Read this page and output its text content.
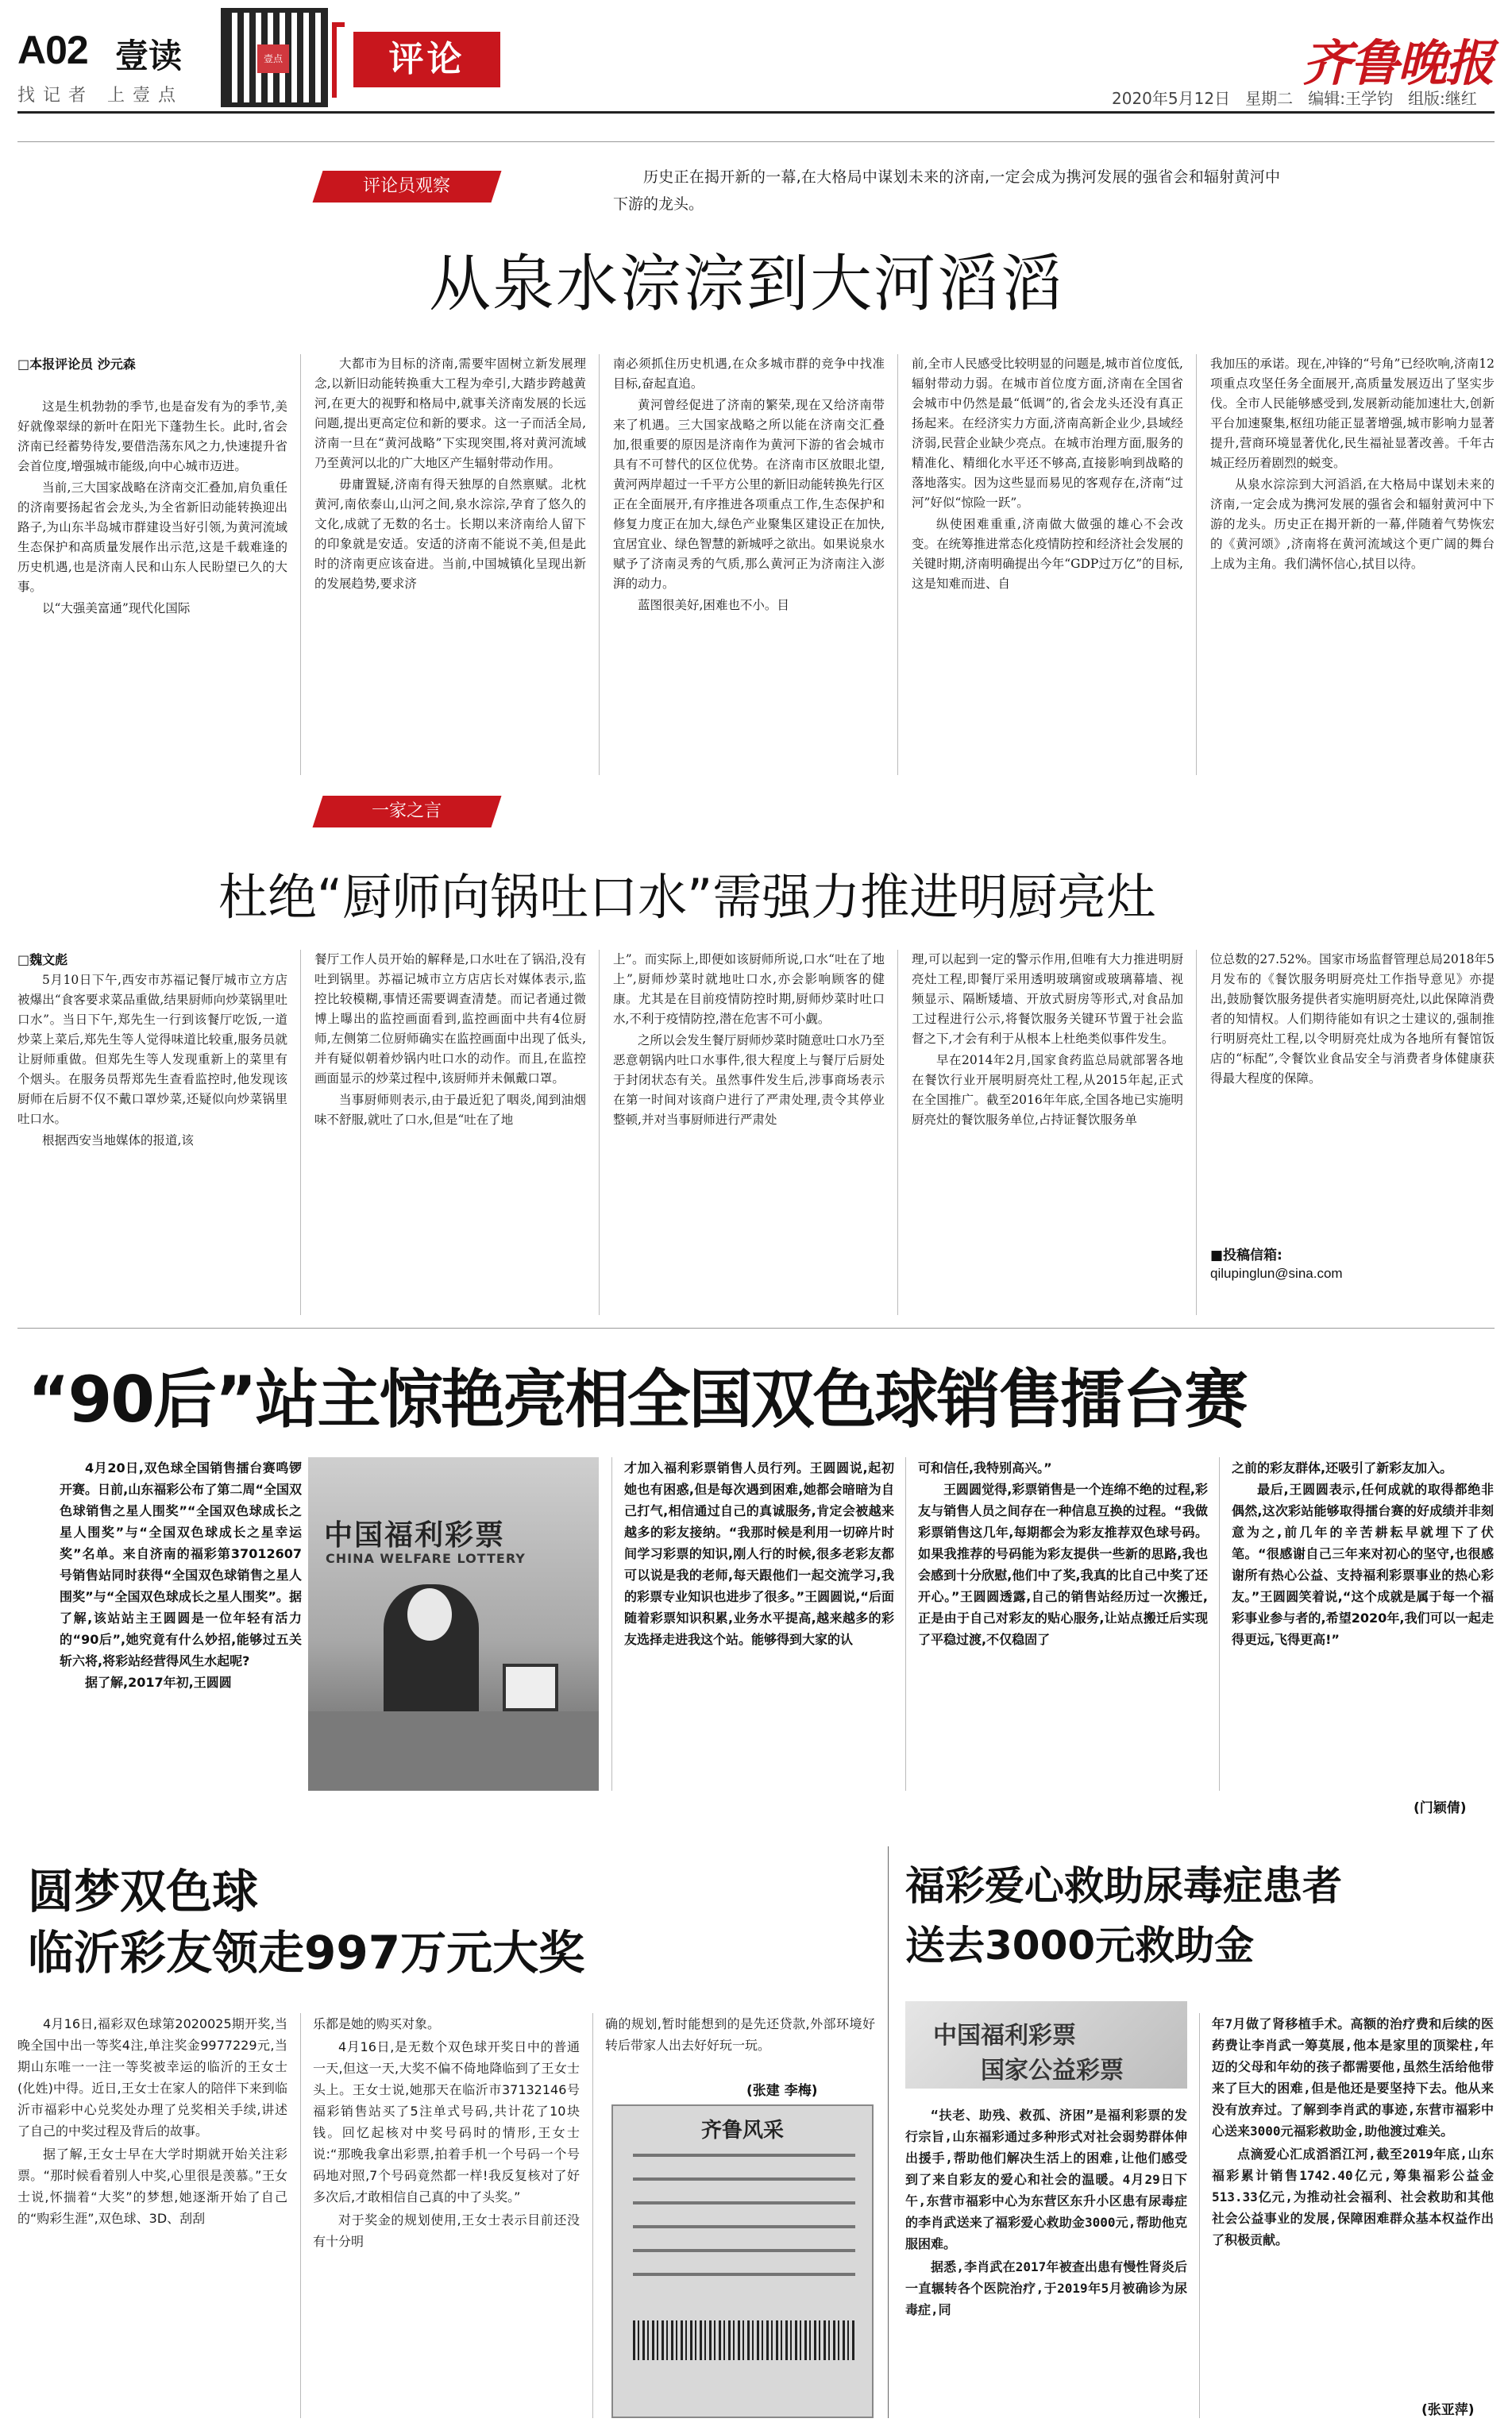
A02 壹读
找记者 上壹点
壹点	评论	齐鲁晚报
2020年5月12日 星期二 编辑:王学钧 组版:继红
评论员观察	历史正在揭开新的一幕,在大格局中谋划未来的济南,一定会成为携河发展的强省会和辐射黄河中下游的龙头。
从泉水淙淙到大河滔滔
□本报评论员 沙元森

这是生机勃勃的季节,也是奋发有为的季节,美好就像翠绿的新叶在阳光下蓬勃生长。此时,省会济南已经蓄势待发,要借浩荡东风之力,快速提升省会首位度,增强城市能级,向中心城市迈进。

当前,三大国家战略在济南交汇叠加,肩负重任的济南要扬起省会龙头,为全省新旧动能转换迎出路子,为山东半岛城市群建设当好引领,为黄河流域生态保护和高质量发展作出示范,这是千载难逢的历史机遇,也是济南人民和山东人民盼望已久的大事。

以“大强美富通”现代化国际

大都市为目标的济南,需要牢固树立新发展理念,以新旧动能转换重大工程为牵引,大踏步跨越黄河,在更大的视野和格局中,就事关济南发展的长远问题,提出更高定位和新的要求。这一子而活全局,济南一旦在“黄河战略”下实现突围,将对黄河流域乃至黄河以北的广大地区产生辐射带动作用。

毋庸置疑,济南有得天独厚的自然禀赋。北枕黄河,南依泰山,山河之间,泉水淙淙,孕育了悠久的文化,成就了无数的名士。长期以来济南给人留下的印象就是安适。安适的济南不能说不美,但是此时的济南更应该奋进。当前,中国城镇化呈现出新的发展趋势,要求济

南必须抓住历史机遇,在众多城市群的竞争中找准目标,奋起直追。

黄河曾经促进了济南的繁荣,现在又给济南带来了机遇。三大国家战略之所以能在济南交汇叠加,很重要的原因是济南作为黄河下游的省会城市具有不可替代的区位优势。在济南市区放眼北望,黄河两岸超过一千平方公里的新旧动能转换先行区正在全面展开,有序推进各项重点工作,生态保护和修复力度正在加大,绿色产业聚集区建设正在加快,宜居宜业、绿色智慧的新城呼之欲出。如果说泉水赋予了济南灵秀的气质,那么黄河正为济南注入澎湃的动力。

蓝图很美好,困难也不小。目

前,全市人民感受比较明显的问题是,城市首位度低,辐射带动力弱。在城市首位度方面,济南在全国省会城市中仍然是最“低调”的,省会龙头还没有真正扬起来。在经济实力方面,济南高新企业少,县域经济弱,民营企业缺少亮点。在城市治理方面,服务的精准化、精细化水平还不够高,直接影响到战略的落地落实。因为这些显而易见的客观存在,济南“过河”好似“惊险一跃”。

纵使困难重重,济南做大做强的雄心不会改变。在统筹推进常态化疫情防控和经济社会发展的关键时期,济南明确提出今年“GDP过万亿”的目标,这是知难而进、自

我加压的承诺。现在,冲锋的“号角”已经吹响,济南12项重点攻坚任务全面展开,高质量发展迈出了坚实步伐。全市人民能够感受到,发展新动能加速壮大,创新平台加速聚集,枢纽功能正显著增强,城市影响力显著提升,营商环境显著优化,民生福祉显著改善。千年古城正经历着剧烈的蜕变。

从泉水淙淙到大河滔滔,在大格局中谋划未来的济南,一定会成为携河发展的强省会和辐射黄河中下游的龙头。历史正在揭开新的一幕,伴随着气势恢宏的《黄河颂》,济南将在黄河流域这个更广阔的舞台上成为主角。我们满怀信心,拭目以待。

一家之言
杜绝“厨师向锅吐口水”需强力推进明厨亮灶
□魏文彪

5月10日下午,西安市苏福记餐厅城市立方店被爆出“食客要求菜品重做,结果厨师向炒菜锅里吐口水”。当日下午,郑先生一行到该餐厅吃饭,一道炒菜上菜后,郑先生等人觉得味道比较重,服务员就让厨师重做。但郑先生等人发现重新上的菜里有个烟头。在服务员帮郑先生查看监控时,他发现该厨师在后厨不仅不戴口罩炒菜,还疑似向炒菜锅里吐口水。

根据西安当地媒体的报道,该

餐厅工作人员开始的解释是,口水吐在了锅沿,没有吐到锅里。苏福记城市立方店店长对媒体表示,监控比较模糊,事情还需要调查清楚。而记者通过微博上曝出的监控画面看到,监控画面中共有4位厨师,左侧第二位厨师确实在监控画面中出现了低头,并有疑似朝着炒锅内吐口水的动作。而且,在监控画面显示的炒菜过程中,该厨师并未佩戴口罩。

当事厨师则表示,由于最近犯了咽炎,闻到油烟味不舒服,就吐了口水,但是“吐在了地

上”。而实际上,即便如该厨师所说,口水“吐在了地上”,厨师炒菜时就地吐口水,亦会影响顾客的健康。尤其是在目前疫情防控时期,厨师炒菜时吐口水,不利于疫情防控,潜在危害不可小觑。

之所以会发生餐厅厨师炒菜时随意吐口水乃至恶意朝锅内吐口水事件,很大程度上与餐厅后厨处于封闭状态有关。虽然事件发生后,涉事商场表示在第一时间对该商户进行了严肃处理,责令其停业整顿,并对当事厨师进行严肃处

理,可以起到一定的警示作用,但唯有大力推进明厨亮灶工程,即餐厅采用透明玻璃窗或玻璃幕墙、视频显示、隔断矮墙、开放式厨房等形式,对食品加工过程进行公示,将餐饮服务关键环节置于社会监督之下,才会有利于从根本上杜绝类似事件发生。

早在2014年2月,国家食药监总局就部署各地在餐饮行业开展明厨亮灶工程,从2015年起,正式在全国推广。截至2016年年底,全国各地已实施明厨亮灶的餐饮服务单位,占持证餐饮服务单

位总数的27.52%。国家市场监督管理总局2018年5月发布的《餐饮服务明厨亮灶工作指导意见》亦提出,鼓励餐饮服务提供者实施明厨亮灶,以此保障消费者的知情权。人们期待能如有识之士建议的,强制推行明厨亮灶工程,以令明厨亮灶成为各地所有餐馆饭店的“标配”,令餐饮业食品安全与消费者身体健康获得最大程度的保障。

■投稿信箱:
qilupinglun@sina.com
“90后”站主惊艳亮相全国双色球销售擂台赛

4月20日,双色球全国销售擂台赛鸣锣开赛。日前,山东福彩公布了第二周“全国双色球销售之星人围奖”“全国双色球成长之星人围奖”与“全国双色球成长之星幸运奖”名单。来自济南的福彩第37012607号销售站同时获得“全国双色球销售之星人围奖”与“全国双色球成长之星人围奖”。据了解,该站站主王圆圆是一位年轻有活力的“90后”,她究竟有什么妙招,能够过五关斩六将,将彩站经营得风生水起呢?

据了解,2017年初,王圆圆

中国福利彩票
CHINA WELFARE LOTTERY

才加入福利彩票销售人员行列。王圆圆说,起初她也有困惑,但是每次遇到困难,她都会暗暗为自己打气,相信通过自己的真诚服务,肯定会被越来越多的彩友接纳。“我那时候是利用一切碎片时间学习彩票的知识,刚人行的时候,很多老彩友都可以说是我的老师,每天跟他们一起交流学习,我的彩票专业知识也进步了很多。”王圆圆说,“后面随着彩票知识积累,业务水平提高,越来越多的彩友选择走进我这个站。能够得到大家的认

可和信任,我特别高兴。”

王圆圆觉得,彩票销售是一个连绵不绝的过程,彩友与销售人员之间存在一种信息互换的过程。“我做彩票销售这几年,每期都会为彩友推荐双色球号码。如果我推荐的号码能为彩友提供一些新的思路,我也会感到十分欣慰,他们中了奖,我真的比自己中奖了还开心。”王圆圆透露,自己的销售站经历过一次搬迁,正是由于自己对彩友的贴心服务,让站点搬迁后实现了平稳过渡,不仅稳固了

之前的彩友群体,还吸引了新彩友加入。

最后,王圆圆表示,任何成就的取得都绝非偶然,这次彩站能够取得擂台赛的好成绩并非刻意为之,前几年的辛苦耕耘早就埋下了伏笔。“很感谢自己三年来对初心的坚守,也很感谢所有热心公益、支持福利彩票事业的热心彩友。”王圆圆笑着说,“这个成就是属于每一个福彩事业参与者的,希望2020年,我们可以一起走得更远,飞得更高!”

(门颖倩)
圆梦双色球
临沂彩友领走997万元大奖

4月16日,福彩双色球第2020025期开奖,当晚全国中出一等奖4注,单注奖金9977229元,当期山东唯一一注一等奖被幸运的临沂的王女士(化姓)中得。近日,王女士在家人的陪伴下来到临沂市福彩中心兑奖处办理了兑奖相关手续,讲述了自己的中奖过程及背后的故事。

据了解,王女士早在大学时期就开始关注彩票。“那时候看着别人中奖,心里很是羡慕。”王女士说,怀揣着“大奖”的梦想,她逐渐开始了自己的“购彩生涯”,双色球、3D、刮刮

乐都是她的购买对象。

4月16日,是无数个双色球开奖日中的普通一天,但这一天,大奖不偏不倚地降临到了王女士头上。王女士说,她那天在临沂市37132146号福彩销售站买了5注单式号码,共计花了10块钱。回忆起核对中奖号码时的情形,王女士说:“那晚我拿出彩票,拍着手机一个号码一个号码地对照,7个号码竟然都一样!我反复核对了好多次后,才敢相信自己真的中了头奖。”

对于奖金的规划使用,王女士表示目前还没有十分明

确的规划,暂时能想到的是先还贷款,外部环境好转后带家人出去好好玩一玩。

(张建 李梅)
齐鲁风采
福彩爱心救助尿毒症患者
送去3000元救助金
中国福利彩票
国家公益彩票

“扶老、助残、救孤、济困”是福利彩票的发行宗旨,山东福彩通过多种形式对社会弱势群体伸出援手,帮助他们解决生活上的困难,让他们感受到了来自彩友的爱心和社会的温暖。4月29日下午,东营市福彩中心为东营区东升小区患有尿毒症的李肖武送来了福彩爱心救助金3000元,帮助他克服困难。

据悉,李肖武在2017年被查出患有慢性肾炎后一直辗转各个医院治疗,于2019年5月被确诊为尿毒症,同

年7月做了肾移植手术。高额的治疗费和后续的医药费让李肖武一筹莫展,他本是家里的顶梁柱,年迈的父母和年幼的孩子都需要他,虽然生活给他带来了巨大的困难,但是他还是要坚持下去。他从来没有放弃过。了解到李肖武的事迹,东营市福彩中心送来3000元福彩救助金,助他渡过难关。

点滴爱心汇成滔滔江河,截至2019年底,山东福彩累计销售1742.40亿元,筹集福彩公益金513.33亿元,为推动社会福利、社会救助和其他社会公益事业的发展,保障困难群众基本权益作出了积极贡献。

(张亚萍)
